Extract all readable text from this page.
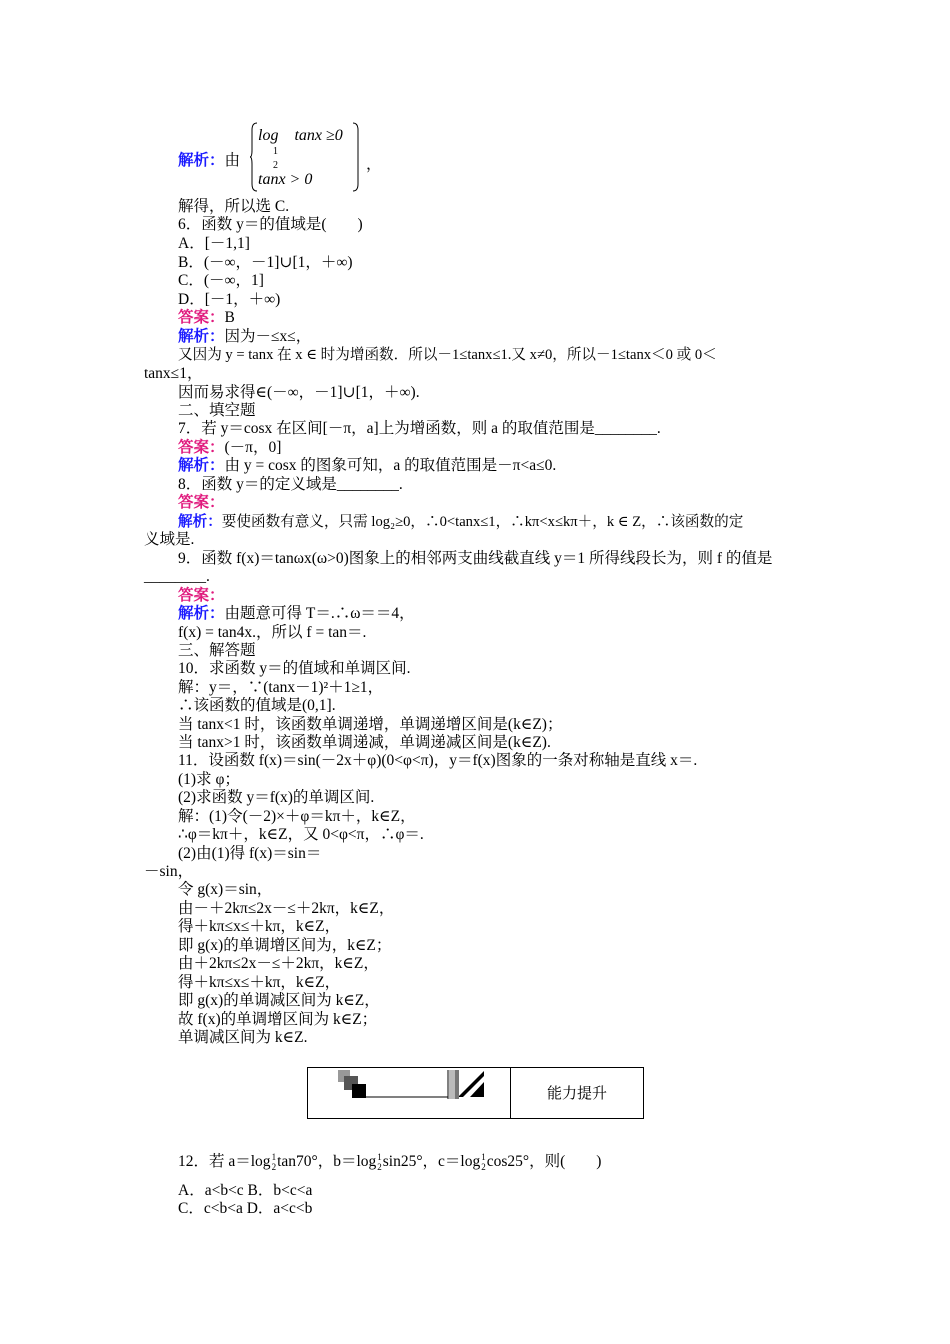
解析：由
log tanx ≥0
1
2
tanx > 0
，
解得，所以选 C.
6．函数 y＝的值域是(　　)
A．[－1,1]
B．(－∞，－1]∪[1，＋∞)
C．(－∞，1]
D．[－1，＋∞)
答案：B
解析：因为－≤x≤，
又因为 y = tanx 在 x ∈ 时为增函数．所以－1≤tanx≤1.又 x≠0，所以－1≤tanx＜0 或 0＜
tanx≤1，
因而易求得∈(－∞，－1]∪[1，＋∞).
二、填空题
7．若 y＝cosx 在区间[－π，a]上为增函数，则 a 的取值范围是________.
答案：(－π，0]
解析：由 y = cosx 的图象可知，a 的取值范围是－π<a≤0.
8．函数 y＝的定义域是________.
答案：
解析：要使函数有意义，只需 log₂≥0，∴0<tanx≤1，∴kπ<x≤kπ＋，k ∈ Z，∴该函数的定
义域是.
9．函数 f(x)＝tanωx(ω>0)图象上的相邻两支曲线截直线 y＝1 所得线段长为，则 f 的值是
________.
答案：
解析：由题意可得 T＝.∴ω＝＝4，
f(x) = tan4x.，所以 f = tan＝.
三、解答题
10．求函数 y＝的值域和单调区间.
解：y＝，∵(tanx－1)²＋1≥1，
∴该函数的值域是(0,1].
当 tanx<1 时，该函数单调递增，单调递增区间是(k∈Z)；
当 tanx>1 时，该函数单调递减，单调递减区间是(k∈Z).
11．设函数 f(x)＝sin(－2x＋φ)(0<φ<π)，y＝f(x)图象的一条对称轴是直线 x＝.
(1)求 φ；
(2)求函数 y＝f(x)的单调区间.
解：(1)令(－2)×＋φ＝kπ＋，k∈Z，
∴φ＝kπ＋，k∈Z，又 0<φ<π，∴φ＝.
(2)由(1)得 f(x)＝sin＝
－sin，
令 g(x)＝sin，
由－＋2kπ≤2x－≤＋2kπ，k∈Z，
得＋kπ≤x≤＋kπ，k∈Z，
即 g(x)的单调增区间为，k∈Z；
由＋2kπ≤2x－≤＋2kπ，k∈Z，
得＋kπ≤x≤＋kπ，k∈Z，
即 g(x)的单调减区间为 k∈Z，
故 f(x)的单调增区间为 k∈Z；
单调减区间为 k∈Z.
能力提升
12．若 a＝log 1
2 tan70°，b＝log 1
2 sin25°，c＝log 1
2 cos25°，则(　　)
A．a<b<c B．b<c<a
C．c<b<a D．a<c<b
